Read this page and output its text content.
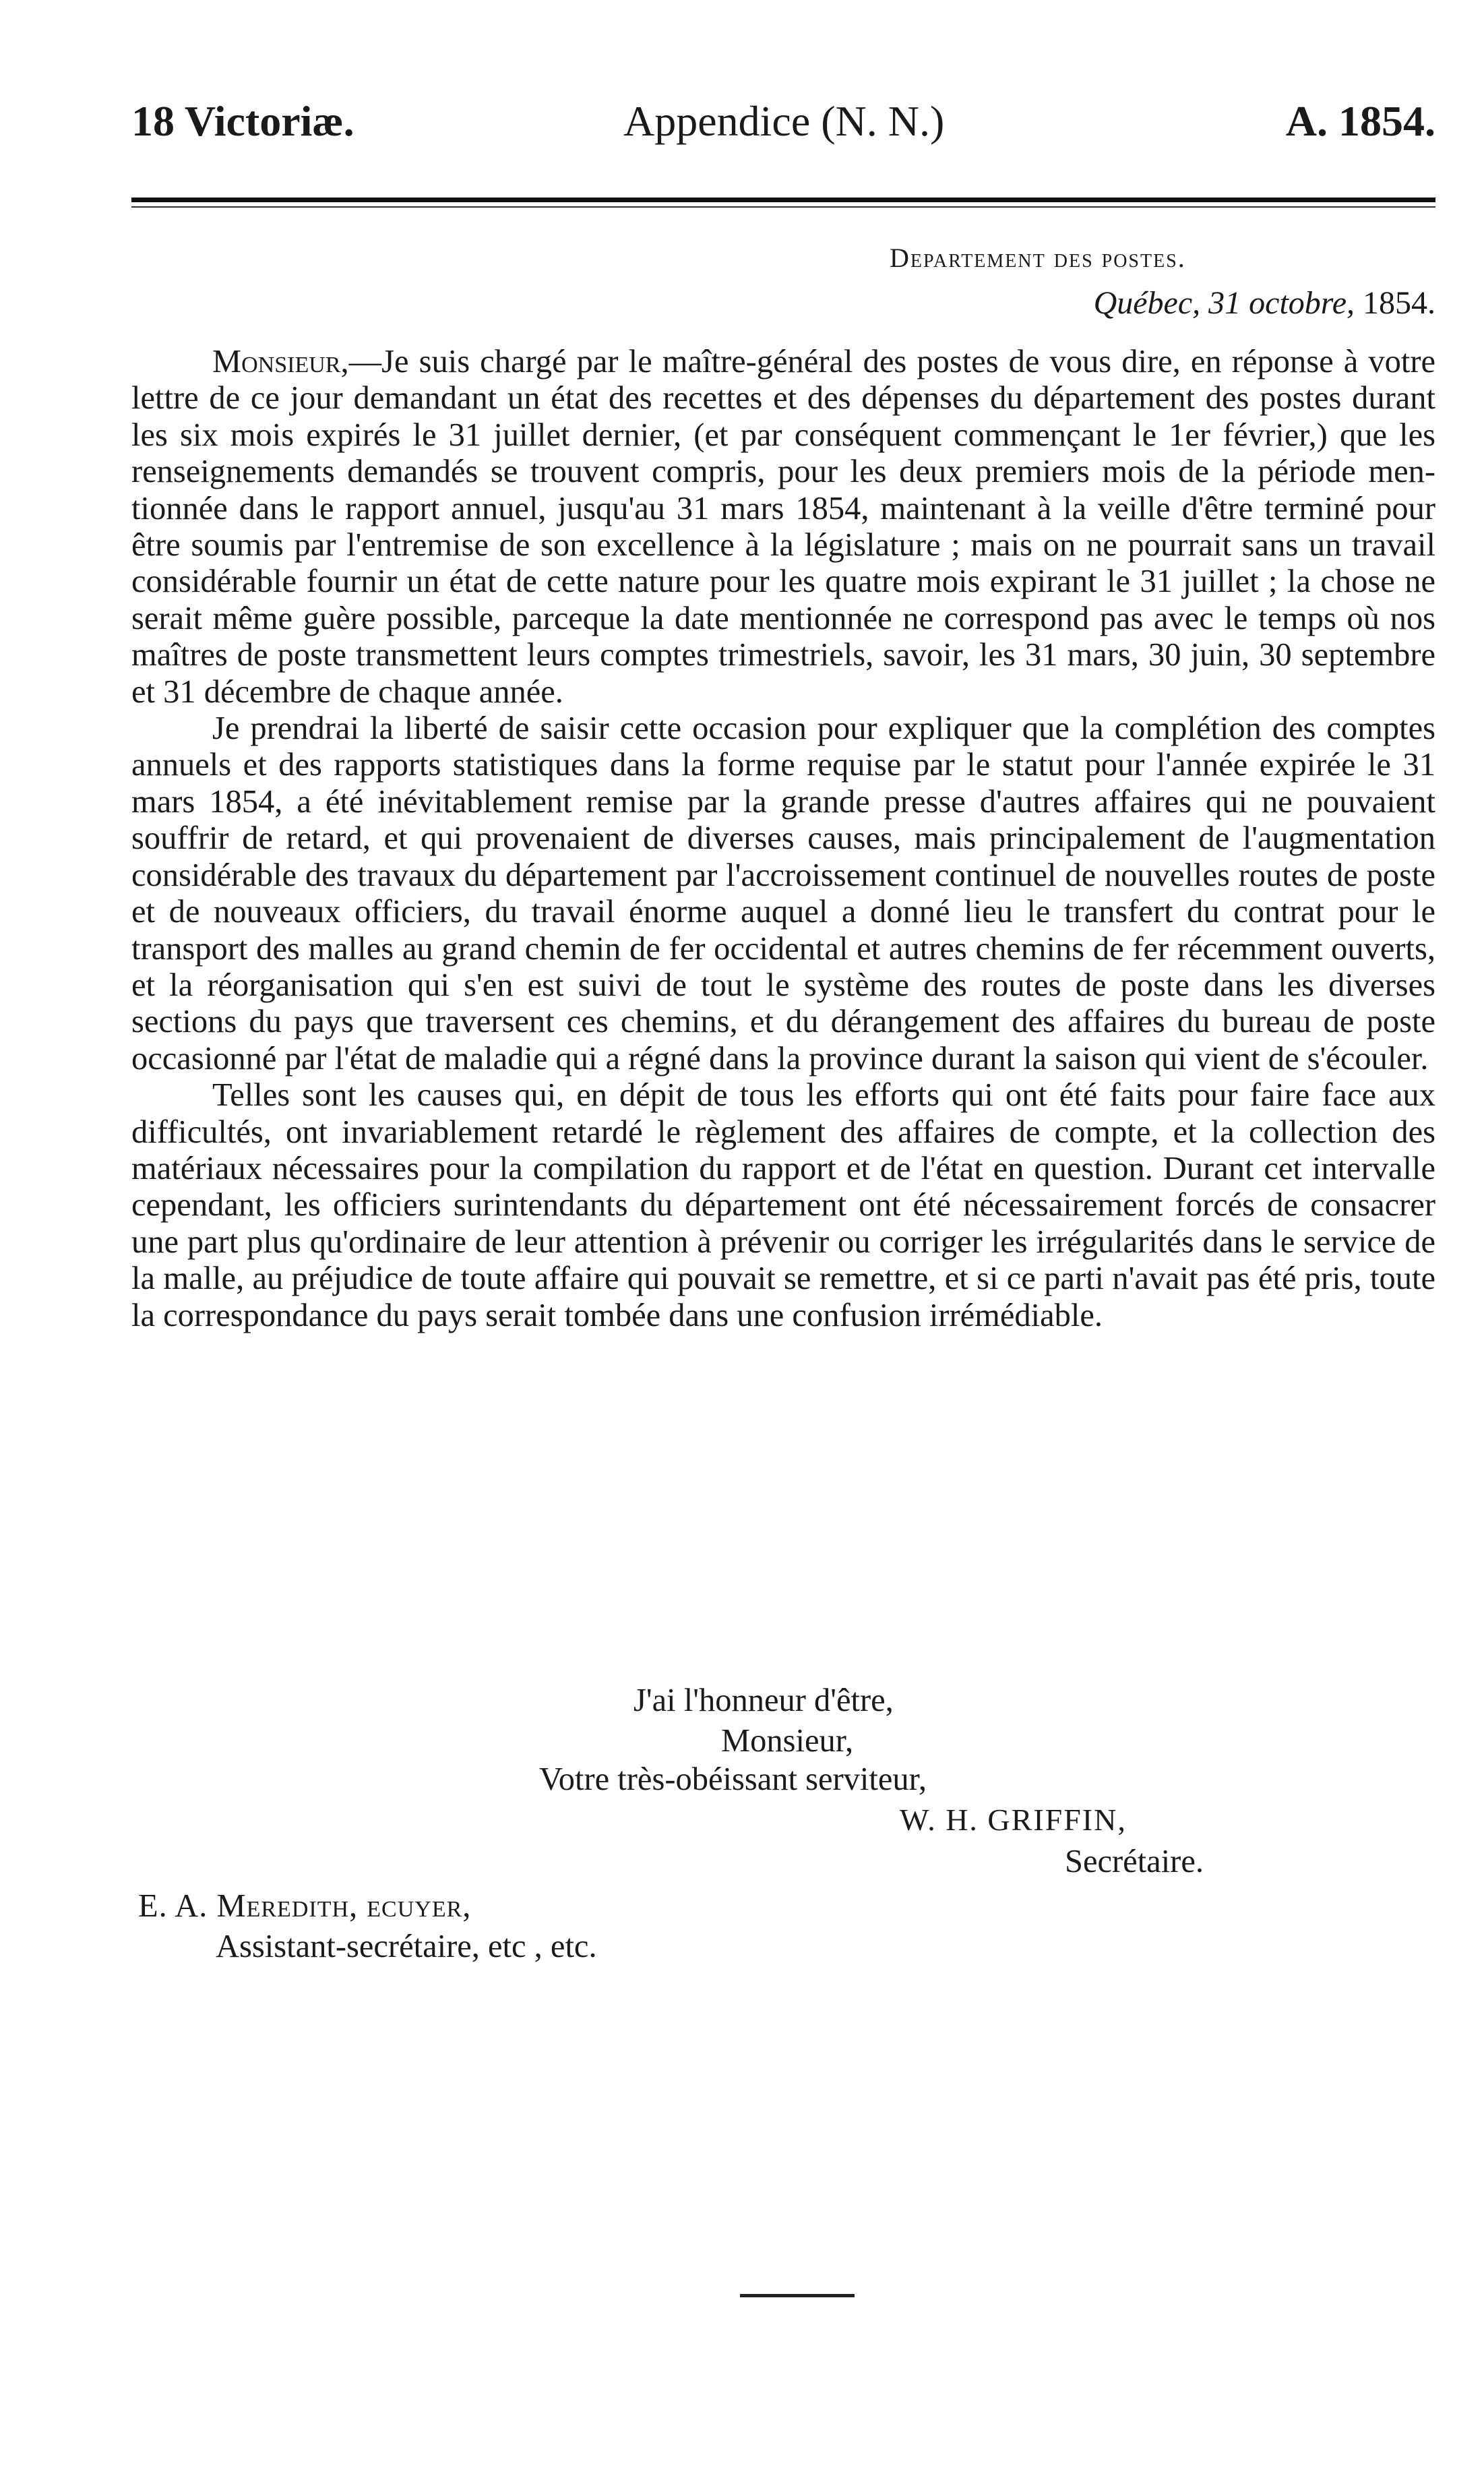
18 Victoriæ.	Appendice (N. N.)	A. 1854.
Departement des postes.
Québec, 31 octobre, 1854.

Monsieur,—Je suis chargé par le maître-général des postes de vous dire, en réponse à votre lettre de ce jour demandant un état des recettes et des dépenses du département des postes durant les six mois expirés le 31 juillet dernier, (et par conséquent commençant le 1er février,) que les renseignements demandés se trouvent compris, pour les deux premiers mois de la période mentionnée dans le rapport annuel, jusqu'au 31 mars 1854, maintenant à la veille d'être terminé pour être soumis par l'entremise de son excellence à la législature ; mais on ne pourrait sans un travail considérable fournir un état de cette nature pour les quatre mois expirant le 31 juillet ; la chose ne serait même guère possible, parceque la date mentionnée ne correspond pas avec le temps où nos maîtres de poste transmettent leurs comptes trimestriels, savoir, les 31 mars, 30 juin, 30 septembre et 31 décembre de chaque année.

Je prendrai la liberté de saisir cette occasion pour expliquer que la complétion des comptes annuels et des rapports statistiques dans la forme requise par le statut pour l'année expirée le 31 mars 1854, a été inévitablement remise par la grande presse d'autres affaires qui ne pouvaient souffrir de retard, et qui provenaient de diverses causes, mais principalement de l'augmentation considérable des travaux du département par l'accroissement continuel de nouvelles routes de poste et de nouveaux officiers, du travail énorme auquel a donné lieu le transfert du contrat pour le transport des malles au grand chemin de fer occidental et autres chemins de fer récemment ouverts, et la réorganisation qui s'en est suivi de tout le système des routes de poste dans les diverses sections du pays que traversent ces chemins, et du dérangement des affaires du bureau de poste occasionné par l'état de maladie qui a régné dans la province durant la saison qui vient de s'écouler.

Telles sont les causes qui, en dépit de tous les efforts qui ont été faits pour faire face aux difficultés, ont invariablement retardé le règlement des affaires de compte, et la collection des matériaux nécessaires pour la compilation du rapport et de l'état en question. Durant cet intervalle cependant, les officiers surintendants du département ont été nécessairement forcés de consacrer une part plus qu'ordinaire de leur attention à prévenir ou corriger les irrégularités dans le service de la malle, au préjudice de toute affaire qui pouvait se remettre, et si ce parti n'avait pas été pris, toute la correspondance du pays serait tombée dans une confusion irrémédiable.

J'ai l'honneur d'être,
Monsieur,
Votre très-obéissant serviteur,
W. H. GRIFFIN,
Secrétaire.
E. A. Meredith, ecuyer,
Assistant-secrétaire, etc , etc.
